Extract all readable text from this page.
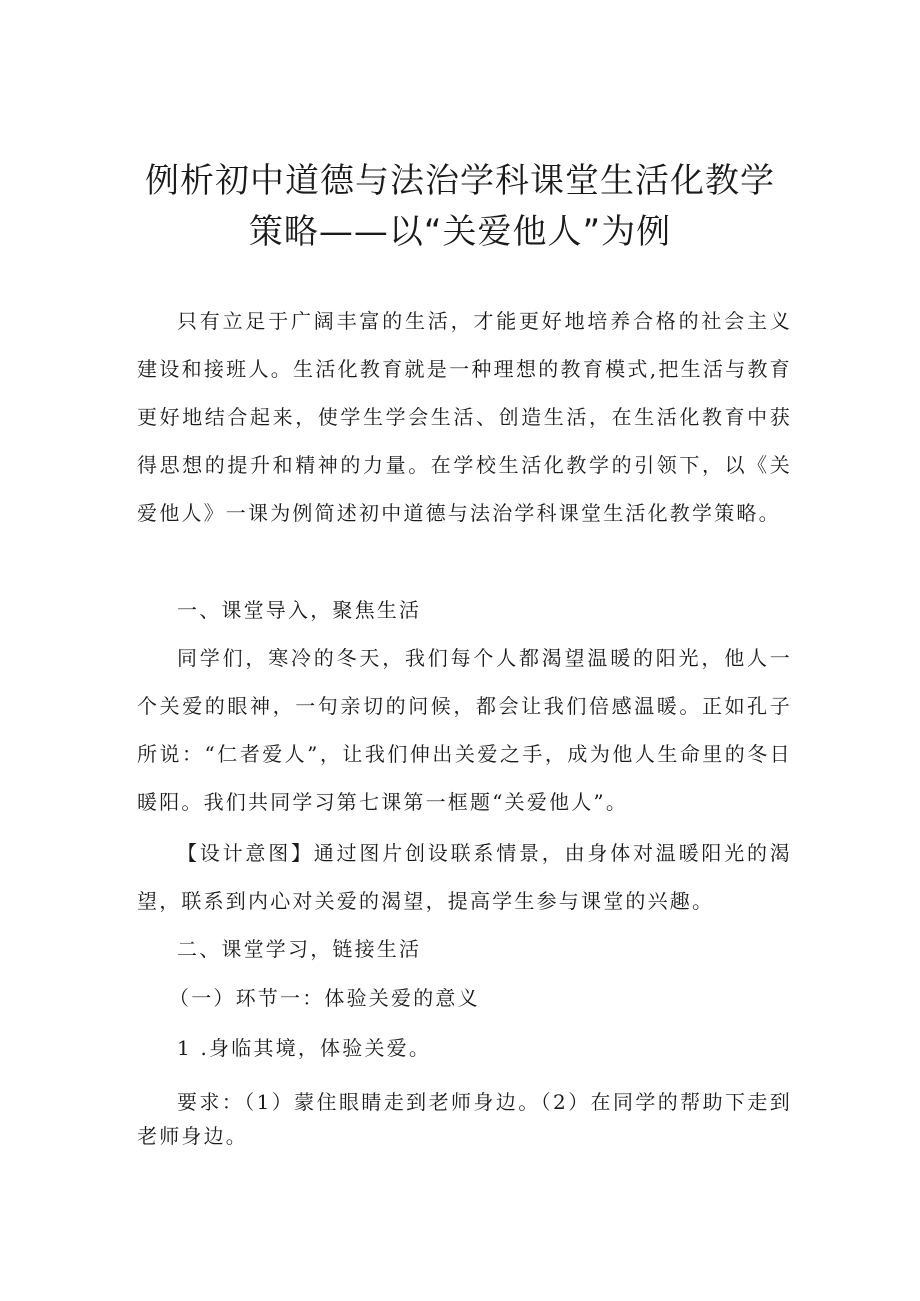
例析初中道德与法治学科课堂生活化教学
策略——以“关爱他人”为例

只有立足于广阔丰富的生活，才能更好地培养合格的社会主义建设和接班人。生活化教育就是一种理想的教育模式,把生活与教育更好地结合起来，使学生学会生活、创造生活，在生活化教育中获得思想的提升和精神的力量。在学校生活化教学的引领下，以《关爱他人》一课为例简述初中道德与法治学科课堂生活化教学策略。

一、课堂导入，聚焦生活

同学们，寒冷的冬天，我们每个人都渴望温暖的阳光，他人一个关爱的眼神，一句亲切的问候，都会让我们倍感温暖。正如孔子所说：“仁者爱人”，让我们伸出关爱之手，成为他人生命里的冬日暖阳。我们共同学习第七课第一框题“关爱他人”。

【设计意图】通过图片创设联系情景，由身体对温暖阳光的渴望，联系到内心对关爱的渴望，提高学生参与课堂的兴趣。

二、课堂学习，链接生活
（一）环节一：体验关爱的意义
1 .身临其境，体验关爱。

要求：（1）蒙住眼睛走到老师身边。（2）在同学的帮助下走到老师身边。
